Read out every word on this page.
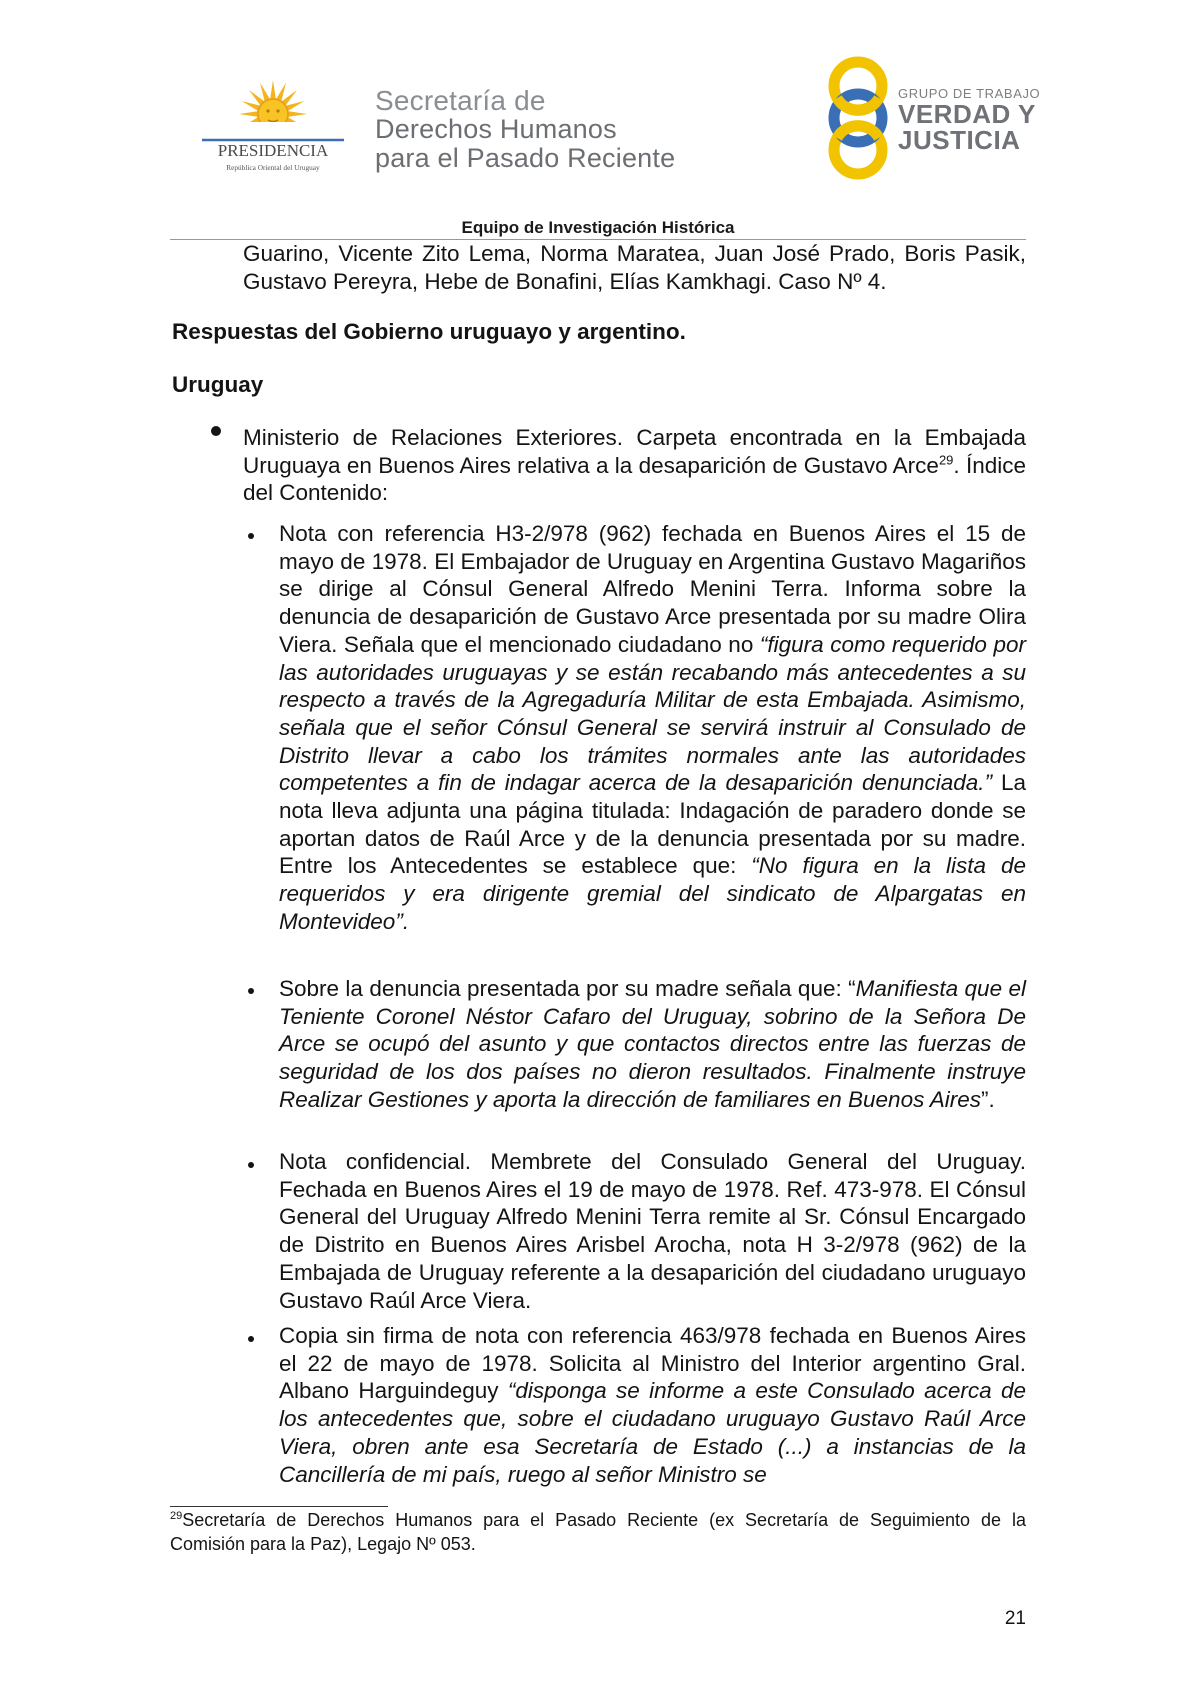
PRESIDENCIA
República Oriental del Uruguay
Secretaría de
Derechos Humanos
para el Pasado Reciente
GRUPO DE TRABAJO
VERDAD Y
JUSTICIA
Equipo de Investigación Histórica
Guarino, Vicente Zito Lema, Norma Maratea, Juan José Prado, Boris Pasik, Gustavo Pereyra, Hebe de Bonafini, Elías Kamkhagi. Caso Nº 4.
Respuestas del Gobierno uruguayo y argentino.
Uruguay
Ministerio de Relaciones Exteriores. Carpeta encontrada en la Embajada Uruguaya en Buenos Aires relativa a la desaparición de Gustavo Arce$^{29}$. Índice del Contenido:
Nota con referencia H3-2/978 (962) fechada en Buenos Aires el 15 de mayo de 1978. El Embajador de Uruguay en Argentina Gustavo Magariños se dirige al Cónsul General Alfredo Menini Terra. Informa sobre la denuncia de desaparición de Gustavo Arce presentada por su madre Olira Viera. Señala que el mencionado ciudadano no “figura como requerido por las autoridades uruguayas y se están recabando más antecedentes a su respecto a través de la Agregaduría Militar de esta Embajada. Asimismo, señala que el señor Cónsul General se servirá instruir al Consulado de Distrito llevar a cabo los trámites normales ante las autoridades competentes a fin de indagar acerca de la desaparición denunciada.” La nota lleva adjunta una página titulada: Indagación de paradero donde se aportan datos de Raúl Arce y de la denuncia presentada por su madre. Entre los Antecedentes se establece que: “No figura en la lista de requeridos y era dirigente gremial del sindicato de Alpargatas en Montevideo”.
Sobre la denuncia presentada por su madre señala que: “Manifiesta que el Teniente Coronel Néstor Cafaro del Uruguay, sobrino de la Señora De Arce se ocupó del asunto y que contactos directos entre las fuerzas de seguridad de los dos países no dieron resultados. Finalmente instruye Realizar Gestiones y aporta la dirección de familiares en Buenos Aires”.
Nota confidencial. Membrete del Consulado General del Uruguay. Fechada en Buenos Aires el 19 de mayo de 1978. Ref. 473-978. El Cónsul General del Uruguay Alfredo Menini Terra remite al Sr. Cónsul Encargado de Distrito en Buenos Aires Arisbel Arocha, nota H 3-2/978 (962) de la Embajada de Uruguay referente a la desaparición del ciudadano uruguayo Gustavo Raúl Arce Viera.
Copia sin firma de nota con referencia 463/978 fechada en Buenos Aires el 22 de mayo de 1978. Solicita al Ministro del Interior argentino Gral. Albano Harguindeguy “disponga se informe a este Consulado acerca de los antecedentes que, sobre el ciudadano uruguayo Gustavo Raúl Arce Viera, obren ante esa Secretaría de Estado (...) a instancias de la Cancillería de mi país, ruego al señor Ministro se
$^{29}$Secretaría de Derechos Humanos para el Pasado Reciente (ex Secretaría de Seguimiento de la Comisión para la Paz), Legajo Nº 053.
21
